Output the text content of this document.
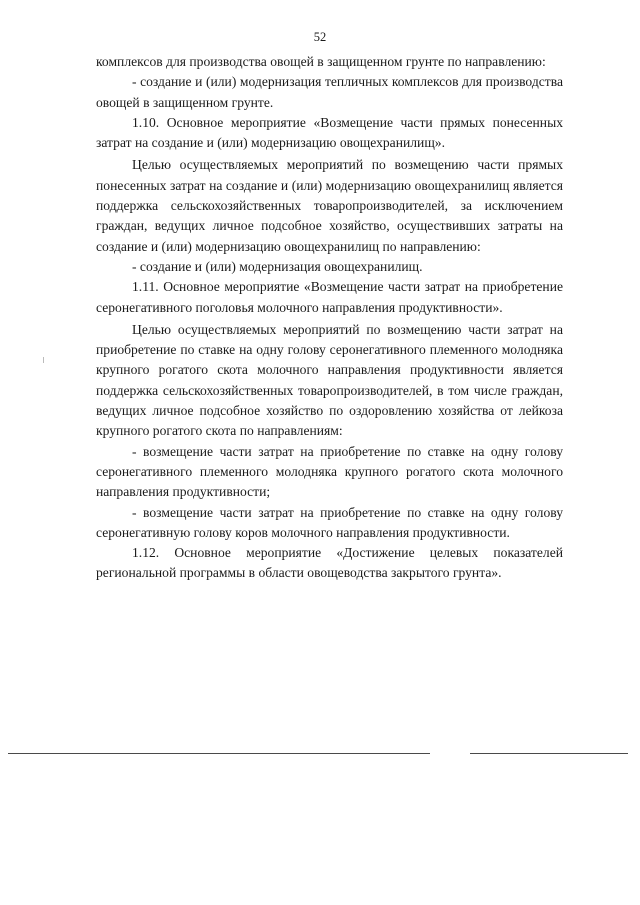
52

комплексов для производства овощей в защищенном грунте по направлению:

- создание и (или) модернизация тепличных комплексов для производства овощей в защищенном грунте.

1.10. Основное мероприятие «Возмещение части прямых понесенных затрат на создание и (или) модернизацию овощехранилищ».

Целью осуществляемых мероприятий по возмещению части прямых понесенных затрат на создание и (или) модернизацию овощехранилищ является поддержка сельскохозяйственных товаропроизводителей, за исключением граждан, ведущих личное подсобное хозяйство, осуществивших затраты на создание и (или) модернизацию овощехранилищ по направлению:

- создание и (или) модернизация овощехранилищ.

1.11. Основное мероприятие «Возмещение части затрат на приобретение серонегативного поголовья молочного направления продуктивности».

Целью осуществляемых мероприятий по возмещению части затрат на приобретение по ставке на одну голову серонегативного племенного молодняка крупного рогатого скота молочного направления продуктивности является поддержка сельскохозяйственных товаропроизводителей, в том числе граждан, ведущих личное подсобное хозяйство по оздоровлению хозяйства от лейкоза крупного рогатого скота по направлениям:

- возмещение части затрат на приобретение по ставке на одну голову серонегативного племенного молодняка крупного рогатого скота молочного направления продуктивности;

- возмещение части затрат на приобретение по ставке на одну голову серонегативную голову коров молочного направления продуктивности.

1.12. Основное мероприятие «Достижение целевых показателей региональной программы в области овощеводства закрытого грунта».
